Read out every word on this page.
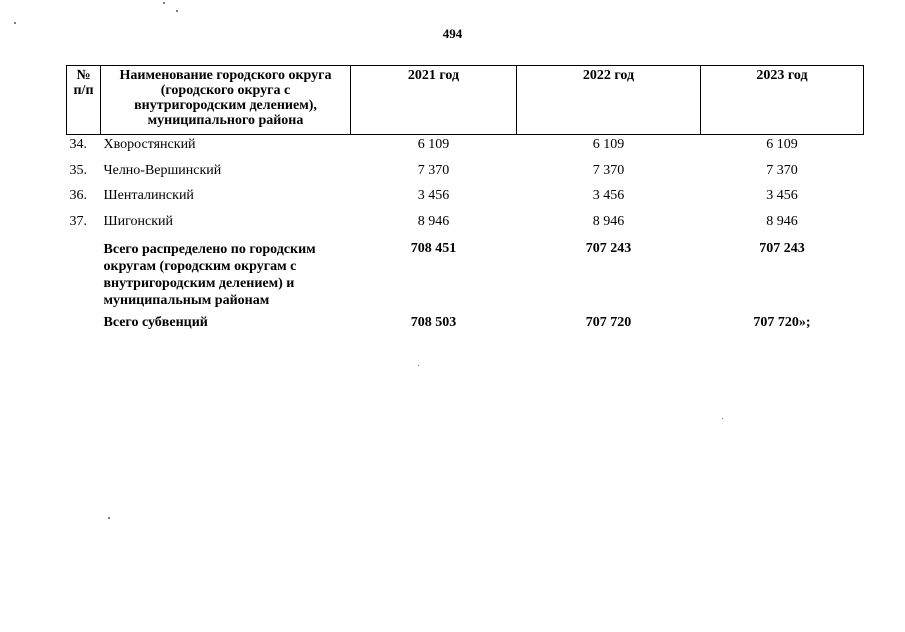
494
№ п/п	Наименование городского округа (городского округа с внутригородским делением), муниципального района	2021 год	2022 год	2023 год
34.	Хворостянский	6 109	6 109	6 109
35.	Челно-Вершинский	7 370	7 370	7 370
36.	Шенталинский	3 456	3 456	3 456
37.	Шигонский	8 946	8 946	8 946
	Всего распределено по городским округам (городским округам с внутригородским делением) и муниципальным районам	708 451	707 243	707 243
	Всего субвенций	708 503	707 720	707 720»;
